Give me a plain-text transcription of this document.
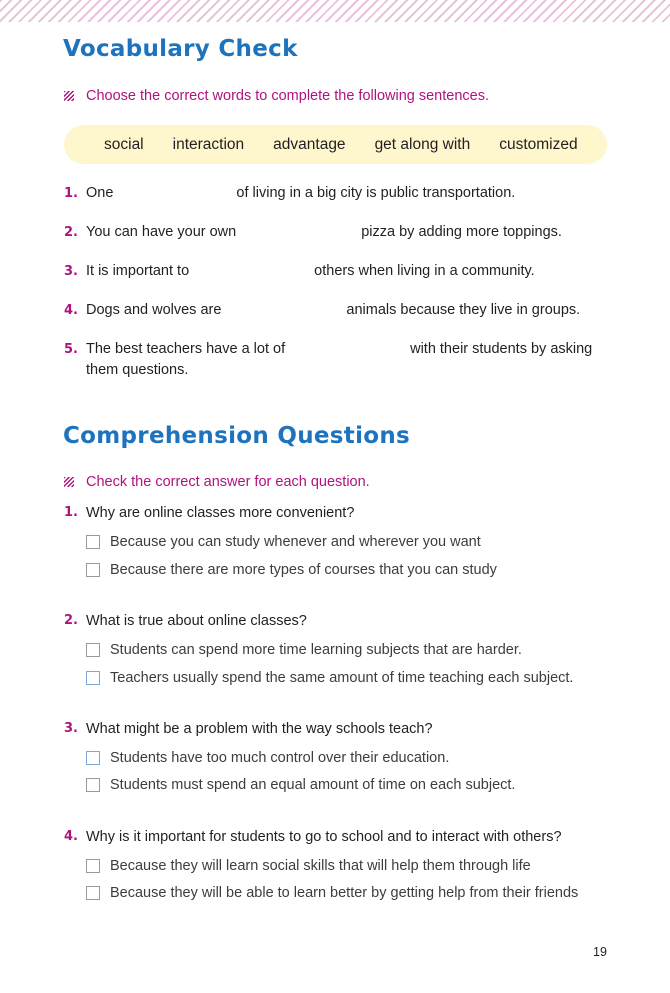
Vocabulary Check
Choose the correct words to complete the following sentences.
social interaction advantage get along with customized
1. One	of living in a big city is public transportation.
2. You can have your own	pizza by adding more toppings.
3. It is important to	others when living in a community.
4. Dogs and wolves are	animals because they live in groups.
5. The best teachers have a lot of	with their students by asking
them questions.
Comprehension Questions
Check the correct answer for each question.
1. Why are online classes more convenient?
Because you can study whenever and wherever you want
Because there are more types of courses that you can study
2. What is true about online classes?
Students can spend more time learning subjects that are harder.
Teachers usually spend the same amount of time teaching each subject.
3. What might be a problem with the way schools teach?
Students have too much control over their education.
Students must spend an equal amount of time on each subject.
4. Why is it important for students to go to school and to interact with others?
Because they will learn social skills that will help them through life
Because they will be able to learn better by getting help from their friends
19
